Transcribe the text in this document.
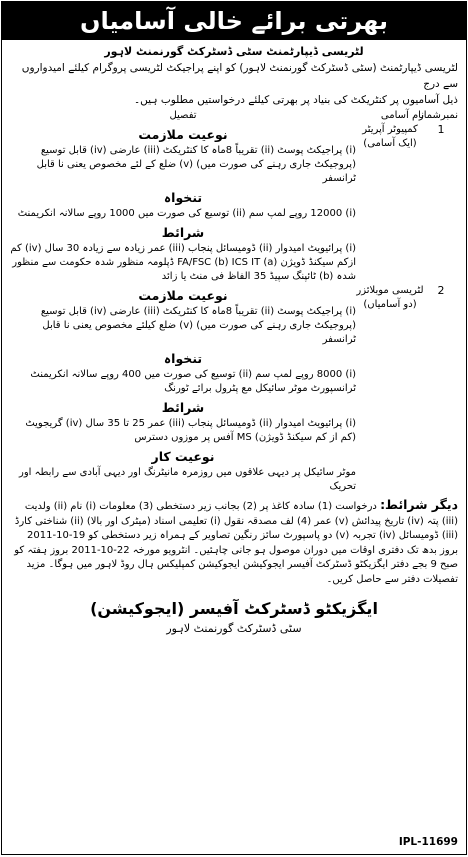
بھرتی برائے خالی آسامیاں
لٹریسی ڈیپارٹمنٹ سٹی ڈسٹرکٹ گورنمنٹ لاہور
لٹریسی ڈیپارٹمنٹ (سٹی ڈسٹرکٹ گورنمنٹ لاہور) کو اپنے پراجیکٹ لٹریسی پروگرام کیلئے امیدواروں سے درج
ذیل آسامیوں پر کنٹریکٹ کی بنیاد پر بھرتی کیلئے درخواستیں مطلوب ہیں۔
نمبرشمار
نام آسامی
تفصیل
1
کمپیوٹر آپریٹر
(ایک آسامی)
نوعیت ملازمت

(i) پراجیکٹ پوسٹ (ii) تقریباً 8ماہ کا کنٹریکٹ (iii) عارضی (iv) قابل توسیع (پروجیکٹ جاری رہنے کی صورت میں) (v) ضلع کے لئے مخصوص یعنی نا قابل ٹرانسفر

تنخواہ

(i) 12000 روپے لمپ سم (ii) توسیع کی صورت میں 1000 روپے سالانہ انکریمنٹ

شرائط

(i) پرائیویٹ امیدوار (ii) ڈومیسائل پنجاب (iii) عمر زیادہ سے زیادہ 30 سال (iv) کم ازکم سیکنڈ ڈویژن (a) FA/FSC (b) ICS IT ڈپلومہ منظور شدہ حکومت سے منظور شدہ (b) ٹائپنگ سپیڈ 35 الفاظ فی منٹ یا زائد

2
لٹریسی موبلائزر
(دو آسامیاں)
نوعیت ملازمت

(i) پراجیکٹ پوسٹ (ii) تقریباً 8ماہ کا کنٹریکٹ (iii) عارضی (iv) قابل توسیع (پروجیکٹ جاری رہنے کی صورت میں) (v) ضلع کیلئے مخصوص یعنی نا قابل ٹرانسفر

تنخواہ

(i) 8000 روپے لمپ سم (ii) توسیع کی صورت میں 400 روپے سالانہ انکریمنٹ ٹرانسپورٹ موٹر سائیکل مع پٹرول برائے ٹورنگ

شرائط

(i) پرائیویٹ امیدوار (ii) ڈومیسائل پنجاب (iii) عمر 25 تا 35 سال (iv) گریجویٹ (کم از کم سیکنڈ ڈویژن) MS آفس پر موزوں دسترس

نوعیت کار

موٹر سائیکل پر دیہی علاقوں میں روزمرہ مانیٹرنگ اور دیہی آبادی سے رابطہ اور تحریک

دیگر شرائط: درخواست (1) سادہ کاغذ پر (2) بجانب زیر دستخطی (3) معلومات (i) نام (ii) ولدیت (iii) پتہ (iv) تاریخ پیدائش (v) عمر (4) لف مصدقہ نقول (i) تعلیمی اسناد (میٹرک اور بالا) (ii) شناختی کارڈ (iii) ڈومیسائل (iv) تجربہ (v) دو پاسپورٹ سائز رنگین تصاویر کے ہمراہ زیر دستخطی کو 19-10-2011 بروز بدھ تک دفتری اوقات میں دوران موصول ہو جانی چاہئیں۔ انٹرویو مورخہ 22-10-2011 بروز ہفتہ کو صبح 9 بجے دفتر ایگزیکٹو ڈسٹرکٹ آفیسر ایجوکیشن ایجوکیشن کمپلیکس ہال روڈ لاہور میں ہوگا۔ مزید تفصیلات دفتر سے حاصل کریں۔
ایگزیکٹو ڈسٹرکٹ آفیسر (ایجوکیشن)
سٹی ڈسٹرکٹ گورنمنٹ لاہور
IPL-11699
